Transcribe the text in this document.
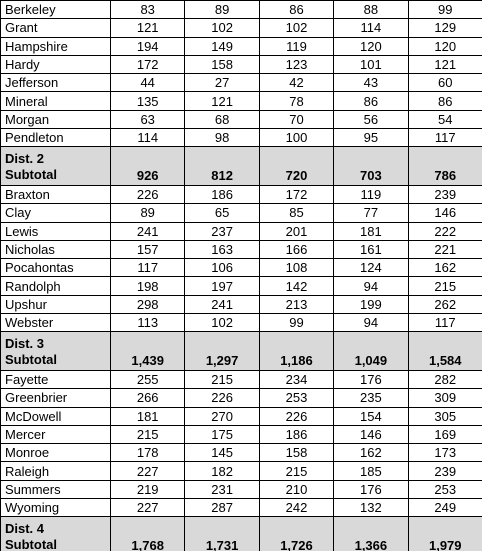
Berkeley	83	89	86	88	99
Grant	121	102	102	114	129
Hampshire	194	149	119	120	120
Hardy	172	158	123	101	121
Jefferson	44	27	42	43	60
Mineral	135	121	78	86	86
Morgan	63	68	70	56	54
Pendleton	114	98	100	95	117

Dist. 2
Subtotal	926	812	720	703	786
Braxton	226	186	172	119	239
Clay	89	65	85	77	146
Lewis	241	237	201	181	222
Nicholas	157	163	166	161	221
Pocahontas	117	106	108	124	162
Randolph	198	197	142	94	215
Upshur	298	241	213	199	262
Webster	113	102	99	94	117

Dist. 3
Subtotal	1,439	1,297	1,186	1,049	1,584
Fayette	255	215	234	176	282
Greenbrier	266	226	253	235	309
McDowell	181	270	226	154	305
Mercer	215	175	186	146	169
Monroe	178	145	158	162	173
Raleigh	227	182	215	185	239
Summers	219	231	210	176	253
Wyoming	227	287	242	132	249

Dist. 4
Subtotal	1,768	1,731	1,726	1,366	1,979
